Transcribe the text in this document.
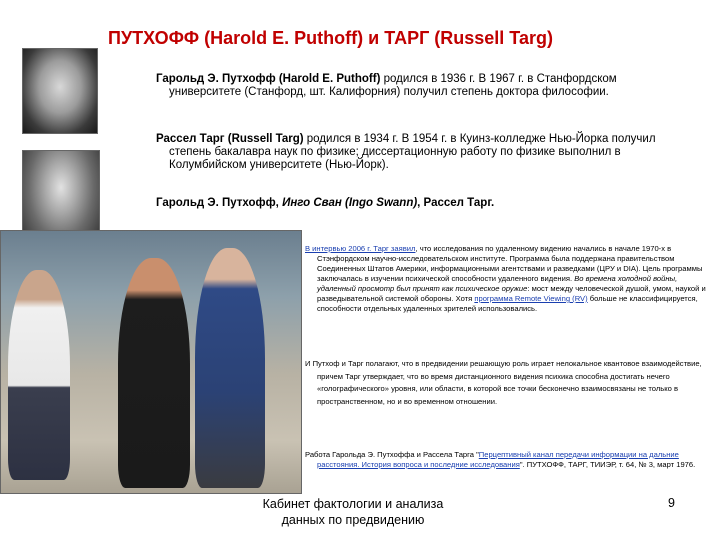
ПУТХОФФ (Harold E. Puthoff) и ТАРГ (Russell Targ)
Гарольд Э. Путхофф (Harold E. Puthoff) родился в 1936 г. В 1967 г. в Станфордском университете (Станфорд, шт. Калифорния) получил степень доктора философии.
Рассел Тарг (Russell Targ) родился в 1934 г. В 1954 г. в Куинз-колледже Нью-Йорка получил степень бакалавра наук по физике; диссертационную работу по физике выполнил в Колумбийском университете (Нью-Йорк).
Гарольд Э. Путхофф, Инго Сван (Ingo Swann), Рассел Тарг.
В интервью 2006 г. Тарг заявил, что исследования по удаленному видению начались в начале 1970-х в Стэнфордском научно-исследовательском институте. Программа была поддержана правительством Соединенных Штатов Америки, информационными агентствами и разведками (ЦРУ и DIA). Цель программы заключалась в изучении психической способности удаленного видения. Во времена холодной войны, удаленный просмотр был принят как психическое оружие: мост между человеческой душой, умом, наукой и разведывательной системой обороны. Хотя программа Remote Viewing (RV) больше не классифицируется, способности отдельных удаленных зрителей использовались.
И Путхоф и Тарг полагают, что в предвидении решающую роль играет нелокальное квантовое взаимодействие, причем Тарг утверждает, что во время дистанционного видения психика способна достигать нечего «голографического» уровня, или области, в которой все точки бесконечно взаимосвязаны не только в пространственном, но и во временном отношении.
Работа Гарольда Э. Путхоффа и Рассела Тарга "Перцептивный канал передачи информации на дальние расстояния. История вопроса и последние исследования". ПУТХОФФ, ТАРГ, ТИИЭР, т. 64, № 3, март 1976.
Кабинет фактологии и анализа
данных по предвидению
9
